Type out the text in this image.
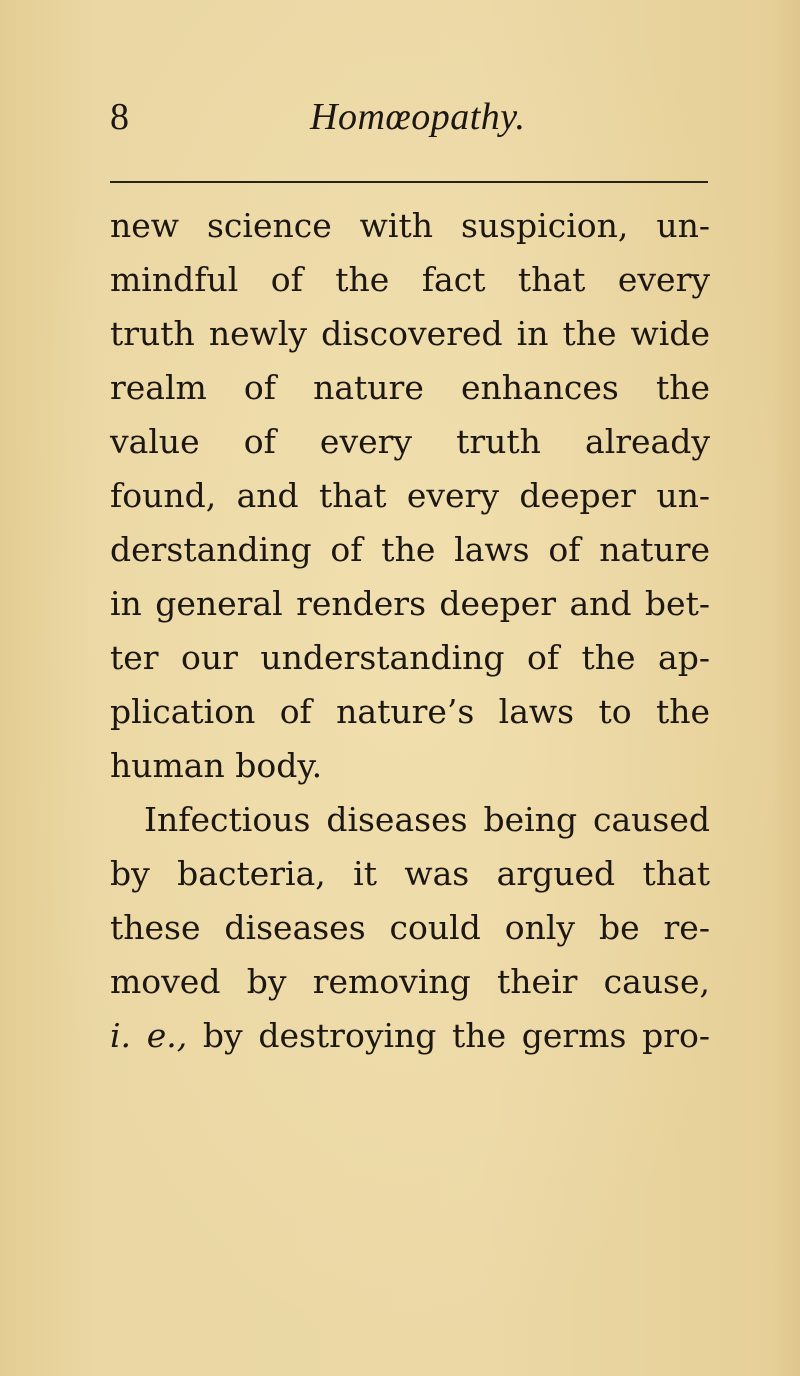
8	Homœopathy.
new science with suspicion, un-
mindful of the fact that every
truth newly discovered in the wide
realm of nature enhances the
value of every truth already
found, and that every deeper un-
derstanding of the laws of nature
in general renders deeper and bet-
ter our understanding of the ap-
plication of nature’s laws to the
human body.
Infectious diseases being caused
by bacteria, it was argued that
these diseases could only be re-
moved by removing their cause,
i. e., by destroying the germs pro-
